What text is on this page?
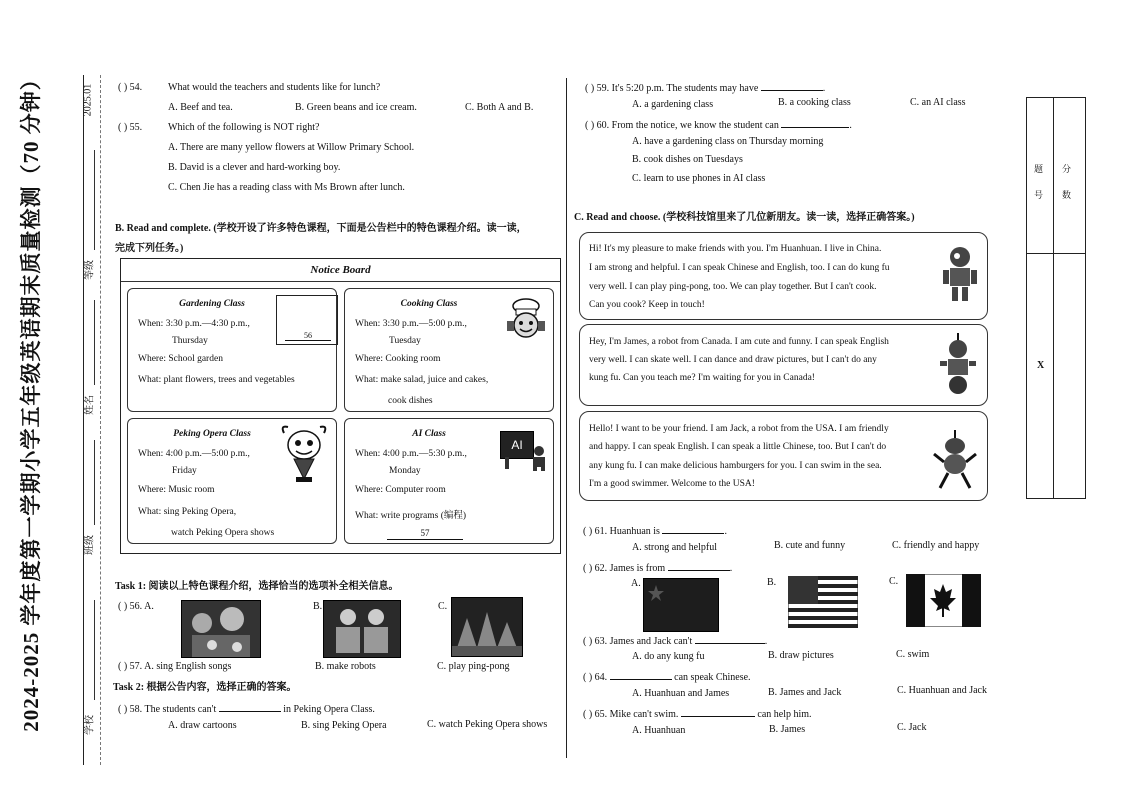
2024-2025 学年度第一学期小学五年级英语期末质量检测（70 分钟）	2025.01
学校
班级
姓名
等级
( ) 54.	What would the teachers and students like for lunch?
A. Beef and tea.	B. Green beans and ice cream.	C. Both A and B.
( ) 55.	Which of the following is NOT right?
A. There are many yellow flowers at Willow Primary School.
B. David is a clever and hard-working boy.
C. Chen Jie has a reading class with Ms Brown after lunch.
B. Read and complete. (学校开设了许多特色课程，下面是公告栏中的特色课程介绍。读一读，
完成下列任务。)
Notice Board
Gardening Class
56
When: 3:30 p.m.—4:30 p.m.,
Thursday
Where: School garden
What: plant flowers, trees and vegetables
Cooking Class
When: 3:30 p.m.—5:00 p.m.,
Tuesday
Where: Cooking room
What: make salad, juice and cakes,
cook dishes
Peking Opera Class
When: 4:00 p.m.—5:00 p.m.,
Friday
Where: Music room
What: sing Peking Opera,
watch Peking Opera shows
AI Class
AI
When: 4:00 p.m.—5:30 p.m.,
Monday
Where: Computer room
What: write programs (编程)
57
Task 1: 阅读以上特色课程介绍，选择恰当的选项补全相关信息。
( ) 56. A.	B.	C.
( ) 57. A. sing English songs	B. make robots	C. play ping-pong
Task 2: 根据公告内容，选择正确的答案。
( ) 58. The students can't	in Peking Opera Class.
A. draw cartoons	B. sing Peking Opera	C. watch Peking Opera shows
( ) 59. It's 5:20 p.m. The students may have	.
A. a gardening class	B. a cooking class	C. an AI class
( ) 60. From the notice, we know the student can	.
A. have a gardening class on Thursday morning
B. cook dishes on Tuesdays
C. learn to use phones in AI class
C. Read and choose. (学校科技馆里来了几位新朋友。读一读，选择正确答案。)
Hi! It's my pleasure to make friends with you. I'm Huanhuan. I live in China.
I am strong and helpful. I can speak Chinese and English, too. I can do kung fu
very well. I can play ping-pong, too. We can play together. But I can't cook.
Can you cook? Keep in touch!
Hey, I'm James, a robot from Canada. I am cute and funny. I can speak English
very well. I can skate well. I can dance and draw pictures, but I can't do any
kung fu. Can you teach me? I'm waiting for you in Canada!
Hello! I want to be your friend. I am Jack, a robot from the USA. I am friendly
and happy. I can speak English. I can speak a little Chinese, too. But I can't do
any kung fu. I can make delicious hamburgers for you. I can swim in the sea.
I'm a good swimmer. Welcome to the USA!
( ) 61. Huanhuan is	.
A. strong and helpful	B. cute and funny	C. friendly and happy
( ) 62. James is from	.
A.	B.	C.
( ) 63. James and Jack can't	.
A. do any kung fu	B. draw pictures	C. swim
( ) 64.	can speak Chinese.
A. Huanhuan and James	B. James and Jack	C. Huanhuan and Jack
( ) 65. Mike can't swim.	can help him.
A. Huanhuan	B. James	C. Jack
题号
分数
X
